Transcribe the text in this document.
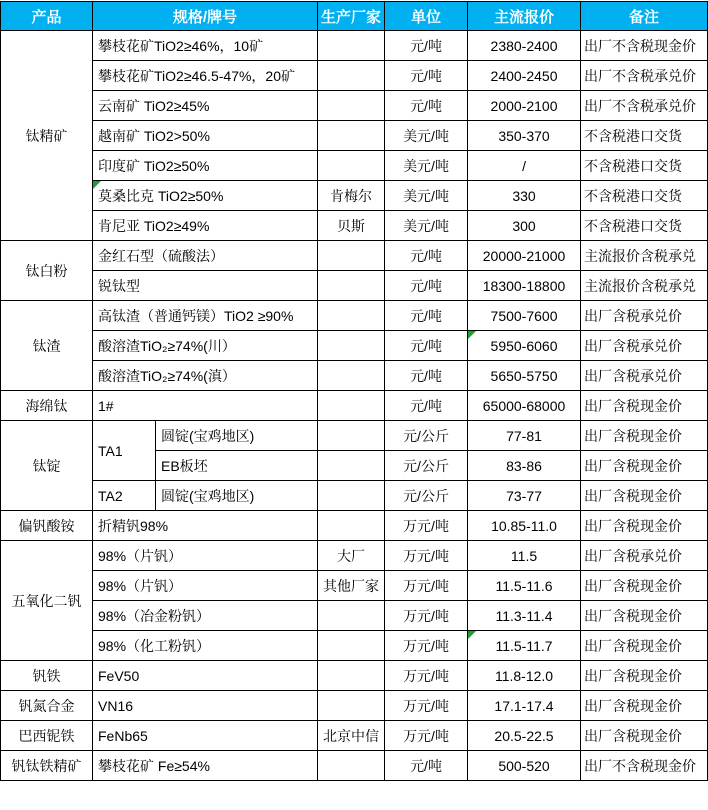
产品	规格/牌号		生产厂家	单位	主流报价	备注
钛精矿	攀枝花矿TiO2≥46%，10矿			元/吨	2380-2400	出厂不含税现金价
	攀枝花矿TiO2≥46.5-47%，20矿			元/吨	2400-2450	出厂不含税承兑价
	云南矿 TiO2≥45%			元/吨	2000-2100	出厂不含税承兑价
	越南矿 TiO2>50%			美元/吨	350-370	不含税港口交货
	印度矿 TiO2≥50%			美元/吨	/	不含税港口交货
	莫桑比克 TiO2≥50%		肯梅尔	美元/吨	330	不含税港口交货
	肯尼亚 TiO2≥49%		贝斯	美元/吨	300	不含税港口交货
钛白粉	金红石型（硫酸法）			元/吨	20000-21000	主流报价含税承兑
	锐钛型			元/吨	18300-18800	主流报价含税承兑
钛渣	高钛渣（普通钙镁）TiO2 ≥90%			元/吨	7500-7600	出厂含税承兑价
	酸溶渣TiO₂≥74%(川）			元/吨	5950-6060	出厂含税承兑价
	酸溶渣TiO₂≥74%(滇）			元/吨	5650-5750	出厂含税承兑价
海绵钛	1#			元/吨	65000-68000	出厂含税现金价
钛锭	TA1	圆锭(宝鸡地区)		元/公斤	77-81	出厂含税现金价
		EB板坯		元/公斤	83-86	出厂含税现金价
	TA2	圆锭(宝鸡地区)		元/公斤	73-77	出厂含税现金价
偏钒酸铵	折精钒98%			万元/吨	10.85-11.0	出厂含税现金价
五氧化二钒	98%（片钒）		大厂	万元/吨	11.5	出厂含税承兑价
	98%（片钒）		其他厂家	万元/吨	11.5-11.6	出厂含税现金价
	98%（冶金粉钒）			万元/吨	11.3-11.4	出厂含税现金价
	98%（化工粉钒）			万元/吨	11.5-11.7	出厂含税现金价
钒铁	FeV50			万元/吨	11.8-12.0	出厂含税现金价
钒氮合金	VN16			万元/吨	17.1-17.4	出厂含税现金价
巴西铌铁	FeNb65		北京中信	万元/吨	20.5-22.5	出厂含税现金价
钒钛铁精矿	攀枝花矿 Fe≥54%			元/吨	500-520	出厂不含税现金价
